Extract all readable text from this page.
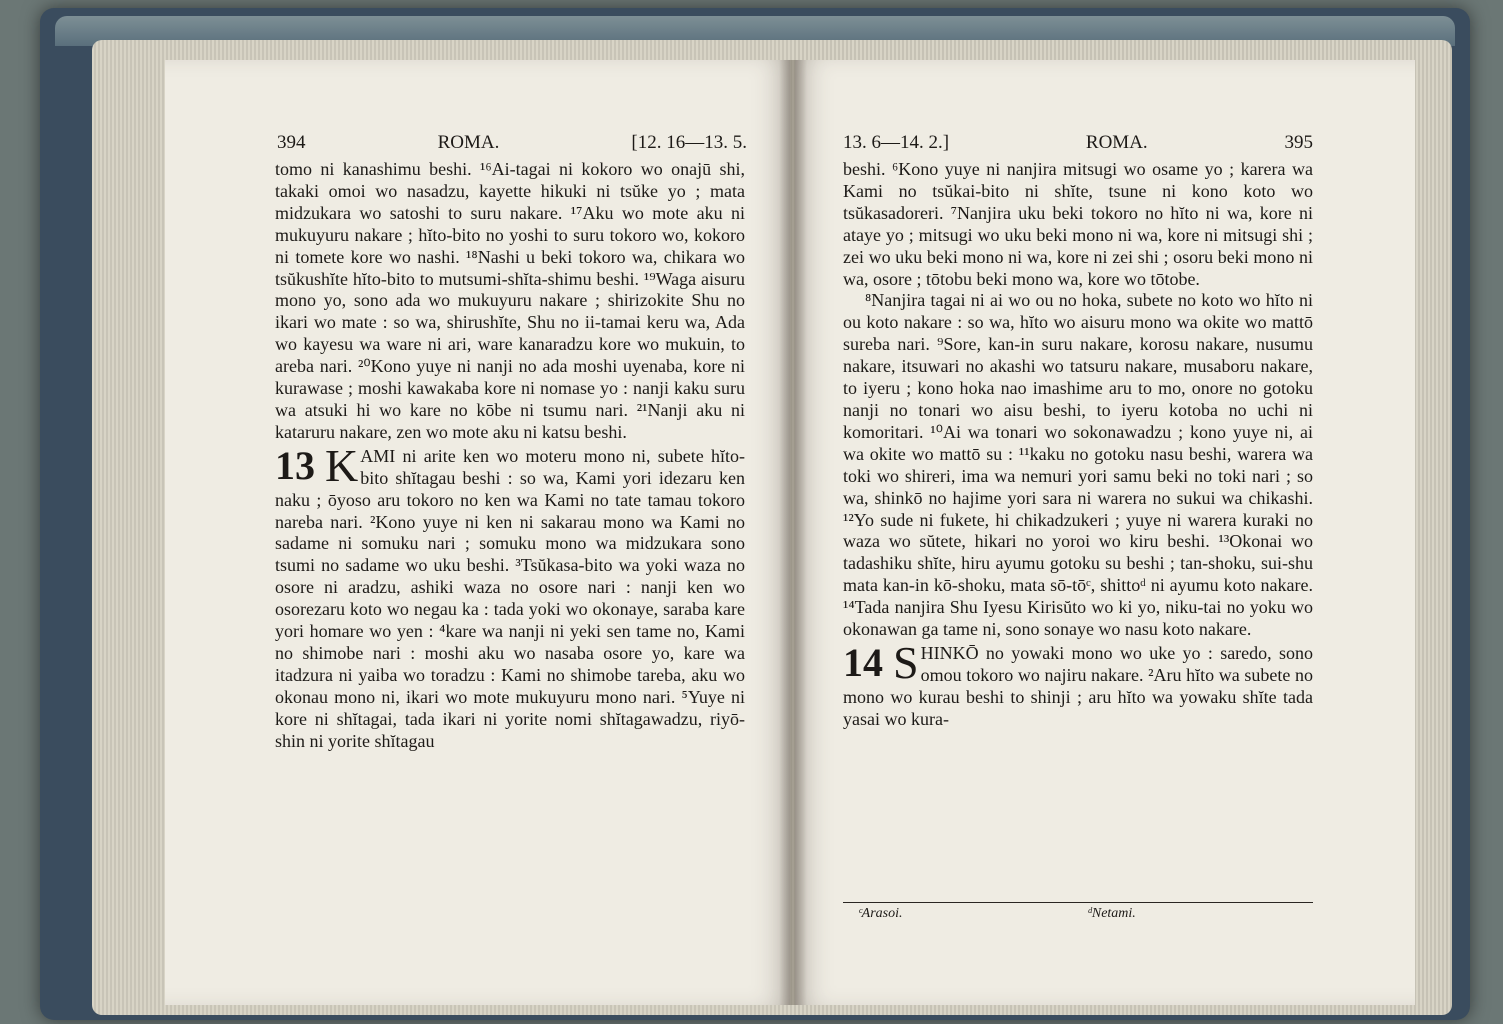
394	ROMA.	[12. 16—13. 5.

tomo ni kanashimu beshi. ¹⁶Ai-tagai ni kokoro wo onajū shi, takaki omoi wo nasadzu, kayette hikuki ni tsŭke yo ; mata midzukara wo satoshi to suru nakare. ¹⁷Aku wo mote aku ni mukuyuru nakare ; hĭto-bito no yoshi to suru tokoro wo, kokoro ni tomete kore wo nashi. ¹⁸Nashi u beki tokoro wa, chikara wo tsŭkushĭte hĭto-bito to mutsumi-shĭta-shimu beshi. ¹⁹Waga aisuru mono yo, sono ada wo mukuyuru nakare ; shirizokite Shu no ikari wo mate : so wa, shirushĭte, Shu no ii-tamai keru wa, Ada wo kayesu wa ware ni ari, ware kanaradzu kore wo mukuin, to areba nari. ²⁰Kono yuye ni nanji no ada moshi uyenaba, kore ni kurawase ; moshi kawakaba kore ni nomase yo : nanji kaku suru wa atsuki hi wo kare no kōbe ni tsumu nari. ²¹Nanji aku ni kataruru nakare, zen wo mote aku ni katsu beshi.

13 K AMI ni arite ken wo moteru mono ni, subete hĭto-bito shĭtagau beshi : so wa, Kami yori idezaru ken naku ; ōyoso aru tokoro no ken wa Kami no tate tamau tokoro nareba nari. ²Kono yuye ni ken ni sakarau mono wa Kami no sadame ni somuku nari ; somuku mono wa midzukara sono tsumi no sadame wo uku beshi. ³Tsŭkasa-bito wa yoki waza no osore ni aradzu, ashiki waza no osore nari : nanji ken wo osorezaru koto wo negau ka : tada yoki wo okonaye, saraba kare yori homare wo yen : ⁴kare wa nanji ni yeki sen tame no, Kami no shimobe nari : moshi aku wo nasaba osore yo, kare wa itadzura ni yaiba wo toradzu : Kami no shimobe tareba, aku wo okonau mono ni, ikari wo mote mukuyuru mono nari. ⁵Yuye ni kore ni shĭtagai, tada ikari ni yorite nomi shĭtagawadzu, riyō-shin ni yorite shĭtagau
13. 6—14. 2.]	ROMA.	395

beshi. ⁶Kono yuye ni nanjira mitsugi wo osame yo ; karera wa Kami no tsŭkai-bito ni shĭte, tsune ni kono koto wo tsŭkasadoreri. ⁷Nanjira uku beki tokoro no hĭto ni wa, kore ni ataye yo ; mitsugi wo uku beki mono ni wa, kore ni mitsugi shi ; zei wo uku beki mono ni wa, kore ni zei shi ; osoru beki mono ni wa, osore ; tōtobu beki mono wa, kore wo tōtobe.

⁸Nanjira tagai ni ai wo ou no hoka, subete no koto wo hĭto ni ou koto nakare : so wa, hĭto wo aisuru mono wa okite wo mattō sureba nari. ⁹Sore, kan-in suru nakare, korosu nakare, nusumu nakare, itsuwari no akashi wo tatsuru nakare, musaboru nakare, to iyeru ; kono hoka nao imashime aru to mo, onore no gotoku nanji no tonari wo aisu beshi, to iyeru kotoba no uchi ni komoritari. ¹⁰Ai wa tonari wo sokonawadzu ; kono yuye ni, ai wa okite wo mattō su : ¹¹kaku no gotoku nasu beshi, warera wa toki wo shireri, ima wa nemuri yori samu beki no toki nari ; so wa, shinkō no hajime yori sara ni warera no sukui wa chikashi. ¹²Yo sude ni fukete, hi chikadzukeri ; yuye ni warera kuraki no waza wo sŭtete, hikari no yoroi wo kiru beshi. ¹³Okonai wo tadashiku shĭte, hiru ayumu gotoku su beshi ; tan-shoku, sui-shu mata kan-in kō-shoku, mata sō-tōᶜ, shittoᵈ ni ayumu koto nakare. ¹⁴Tada nanjira Shu Iyesu Kirisŭto wo ki yo, niku-tai no yoku wo okonawan ga tame ni, sono sonaye wo nasu koto nakare.

14 S HINKŌ no yowaki mono wo uke yo : saredo, sono omou tokoro wo najiru nakare. ²Aru hĭto wa subete no mono wo kurau beshi to shinji ; aru hĭto wa yowaku shĭte tada yasai wo kura-
ᶜArasoi.	ᵈNetami.
